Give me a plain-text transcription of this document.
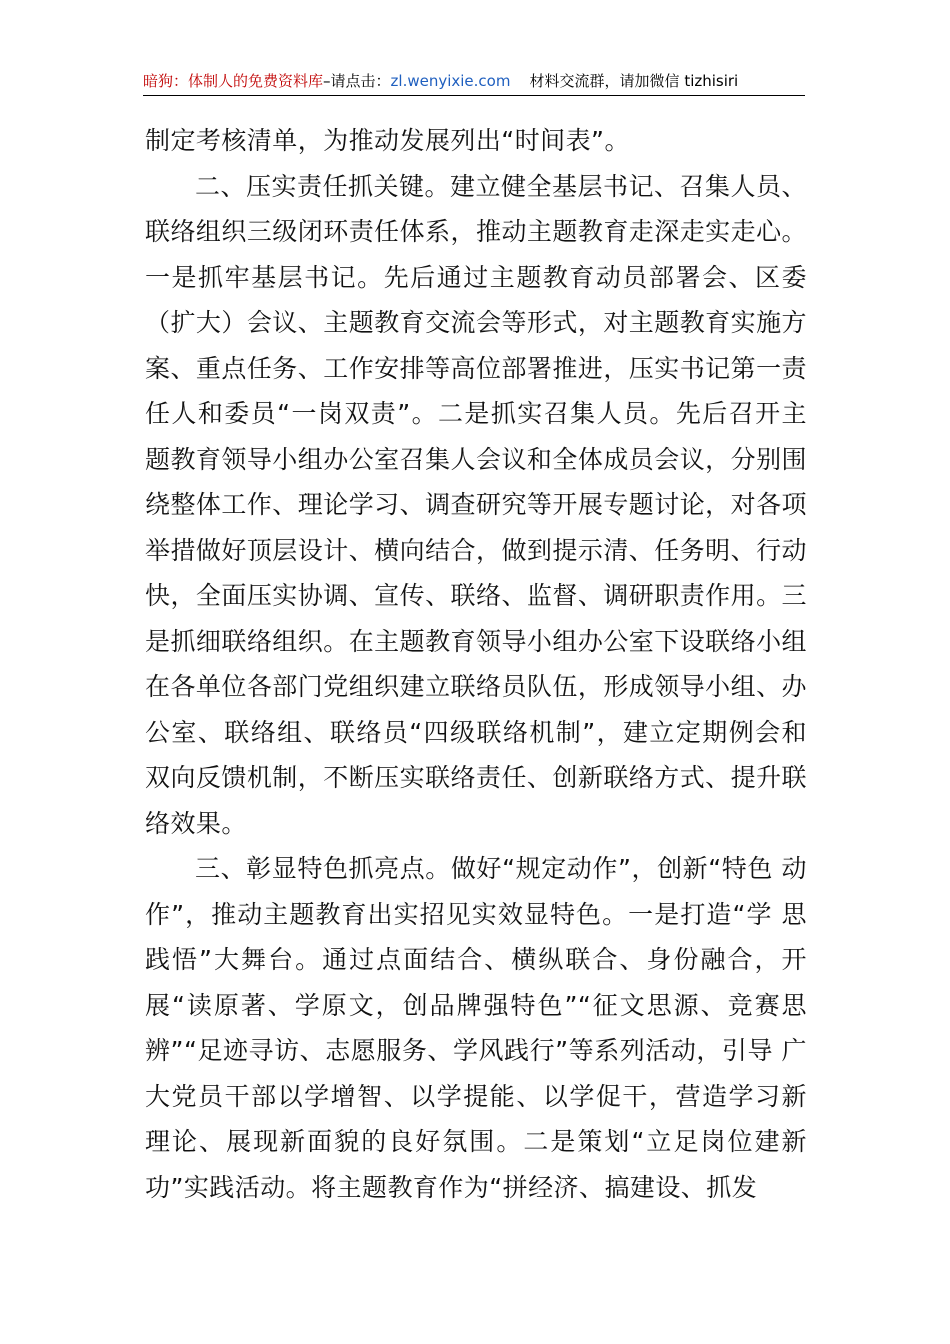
暗狗：体制人的免费资料库–请点击：zl.wenyixie.com 材料交流群，请加微信 tizhisiri

制定考核清单，为推动发展列出“时间表”。

二、压实责任抓关键。建立健全基层书记、召集人员、 联络组织三级闭环责任体系，推动主题教育走深走实走心。 一是抓牢基层书记。先后通过主题教育动员部署会、区委 （扩大）会议、主题教育交流会等形式，对主题教育实施方 案、重点任务、工作安排等高位部署推进，压实书记第一责 任人和委员“一岗双责”。二是抓实召集人员。先后召开主 题教育领导小组办公室召集人会议和全体成员会议，分别围 绕整体工作、理论学习、调查研究等开展专题讨论，对各项 举措做好顶层设计、横向结合，做到提示清、任务明、行动 快，全面压实协调、宣传、联络、监督、调研职责作用。三 是抓细联络组织。在主题教育领导小组办公室下设联络小组 在各单位各部门党组织建立联络员队伍，形成领导小组、办 公室、联络组、联络员“四级联络机制”，建立定期例会和 双向反馈机制，不断压实联络责任、创新联络方式、提升联 络效果。

三、彰显特色抓亮点。做好“规定动作”，创新“特色 动作”，推动主题教育出实招见实效显特色。一是打造“学 思践悟”大舞台。通过点面结合、横纵联合、身份融合，开 展“读原著、学原文，创品牌强特色”“征文思源、竞赛思 辨”“足迹寻访、志愿服务、学风践行”等系列活动，引导 广大党员干部以学增智、以学提能、以学促干，营造学习新 理论、展现新面貌的良好氛围。二是策划“立足岗位建新 功”实践活动。将主题教育作为“拼经济、搞建设、抓发
